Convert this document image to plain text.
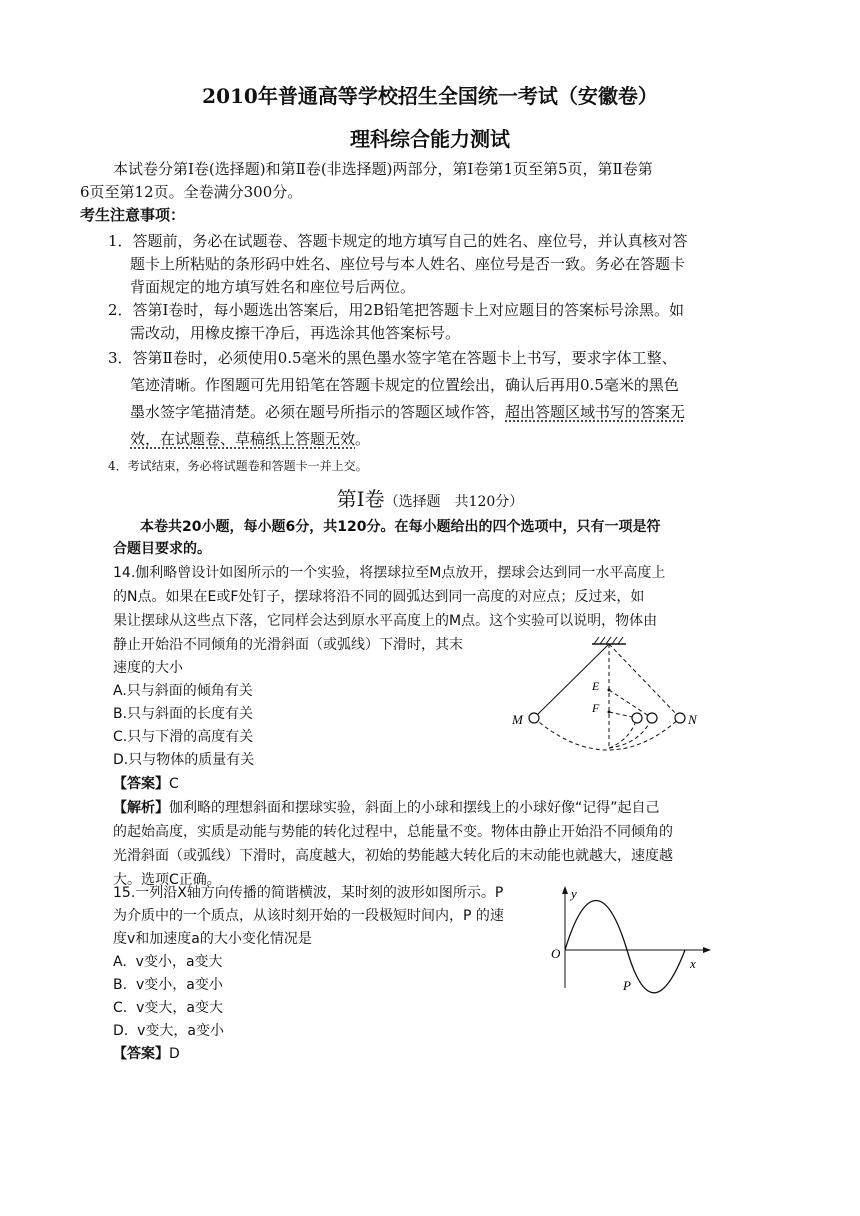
2010年普通高等学校招生全国统一考试（安徽卷）
理科综合能力测试
本试卷分第Ⅰ卷(选择题)和第Ⅱ卷(非选择题)两部分，第Ⅰ卷第1页至第5页，第Ⅱ卷第
6页至第12页。全卷满分300分。
考生注意事项：
1．答题前，务必在试题卷、答题卡规定的地方填写自己的姓名、座位号，并认真核对答
题卡上所粘贴的条形码中姓名、座位号与本人姓名、座位号是否一致。务必在答题卡
背面规定的地方填写姓名和座位号后两位。
2．答第Ⅰ卷时，每小题选出答案后，用2B铅笔把答题卡上对应题目的答案标号涂黑。如
需改动，用橡皮擦干净后，再选涂其他答案标号。
3．答第Ⅱ卷时，必须使用0.5毫米的黑色墨水签字笔在答题卡上书写，要求字体工整、
笔迹清晰。作图题可先用铅笔在答题卡规定的位置绘出，确认后再用0.5毫米的黑色
墨水签字笔描清楚。必须在题号所指示的答题区域作答，超出答题区域书写的答案无
效，在试题卷、草稿纸上答题无效。
4．考试结束，务必将试题卷和答题卡一并上交。
第Ⅰ卷（选择题　共120分）
本卷共20小题，每小题6分，共120分。在每小题给出的四个选项中，只有一项是符
合题目要求的。
14.伽利略曾设计如图所示的一个实验，将摆球拉至M点放开，摆球会达到同一水平高度上
的N点。如果在E或F处钉子，摆球将沿不同的圆弧达到同一高度的对应点；反过来，如
果让摆球从这些点下落，它同样会达到原水平高度上的M点。这个实验可以说明，物体由
静止开始沿不同倾角的光滑斜面（或弧线）下滑时，其末
速度的大小
A.只与斜面的倾角有关
B.只与斜面的长度有关
C.只与下滑的高度有关
D.只与物体的质量有关
【答案】C
【解析】伽利略的理想斜面和摆球实验，斜面上的小球和摆线上的小球好像“记得”起自己
的起始高度，实质是动能与势能的转化过程中，总能量不变。物体由静止开始沿不同倾角的
光滑斜面（或弧线）下滑时，高度越大，初始的势能越大转化后的末动能也就越大，速度越
大。选项C正确。
M	N
E
F
15.一列沿X轴方向传播的简谐横波，某时刻的波形如图所示。P
为介质中的一个质点，从该时刻开始的一段极短时间内，P 的速
度v和加速度a的大小变化情况是
A.  v变小，a变大
B.  v变小，a变小
C.  v变大，a变大
D.  v变大，a变小
【答案】D
y
x
O
P
